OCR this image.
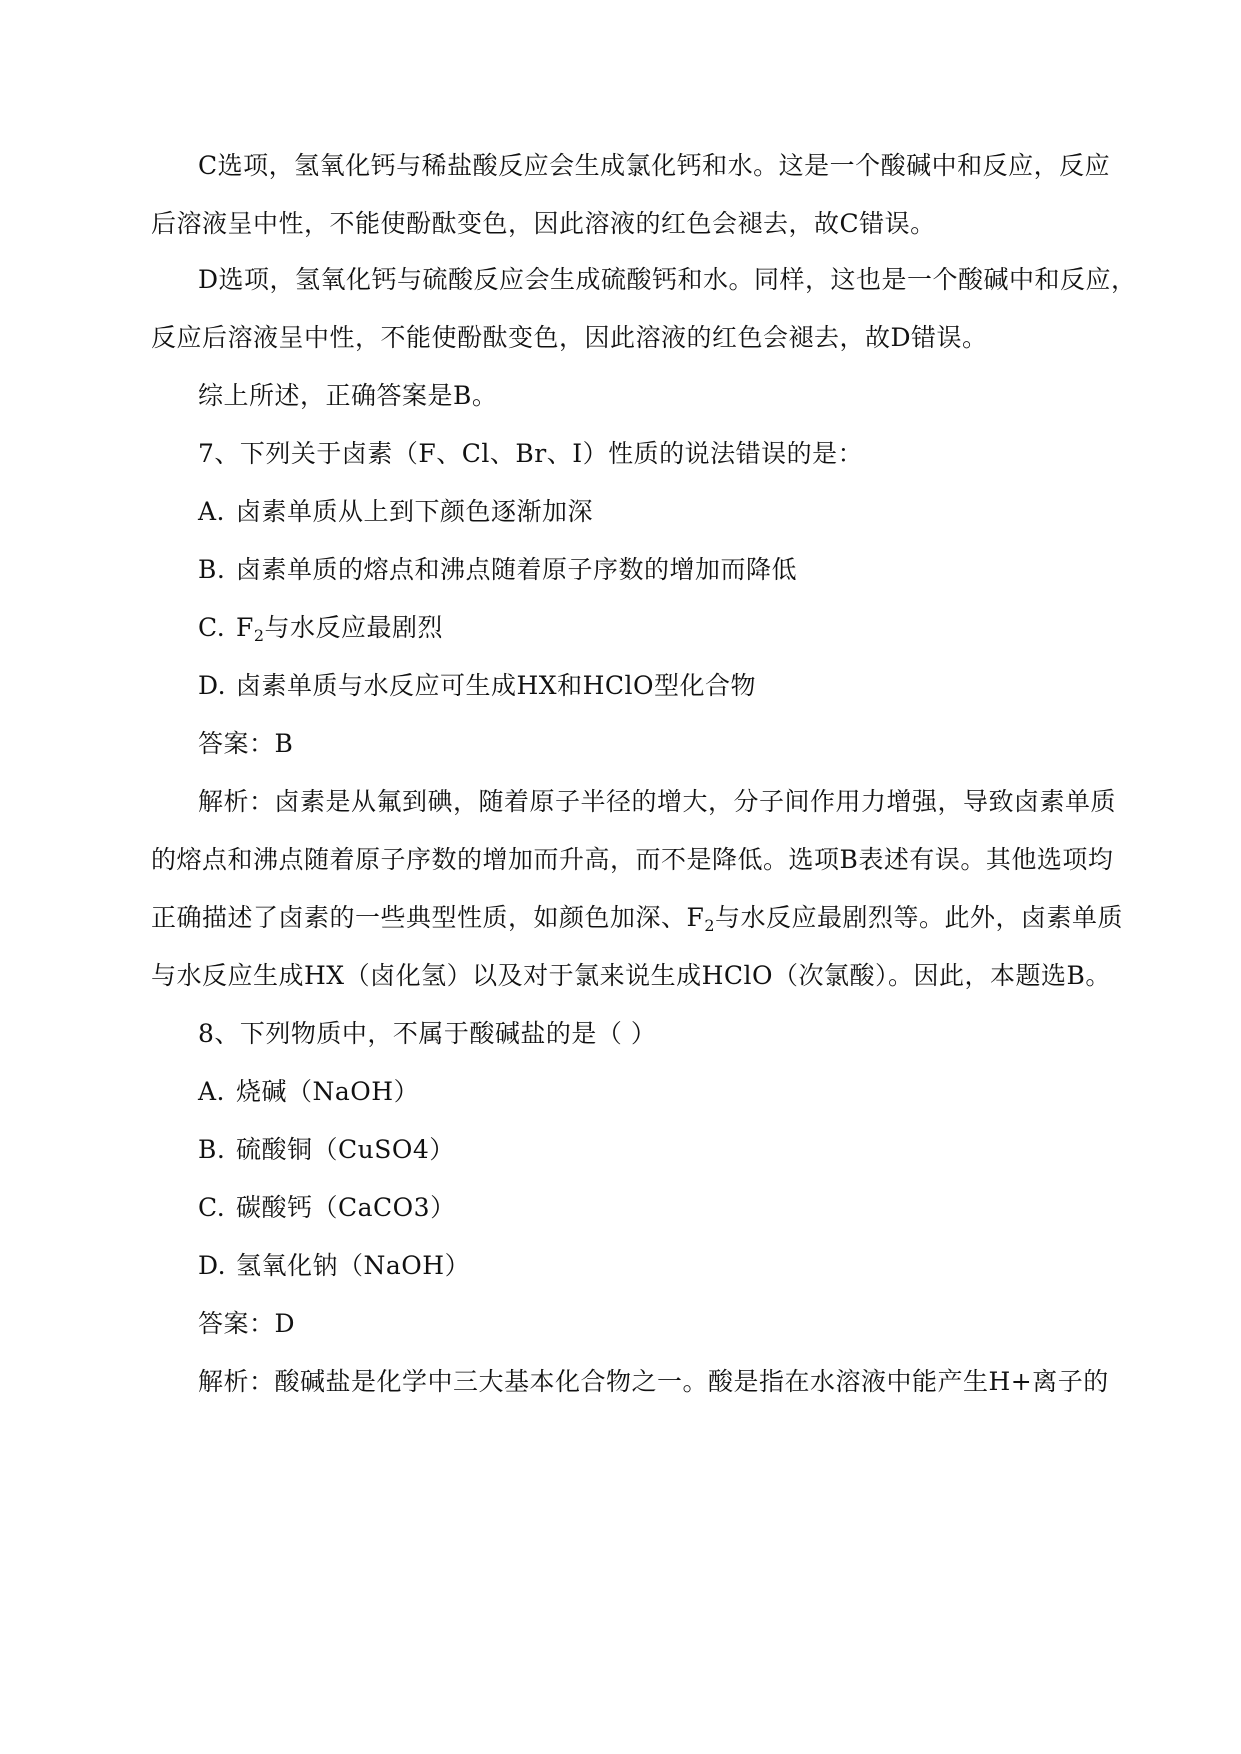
C选项，氢氧化钙与稀盐酸反应会生成氯化钙和水。这是一个酸碱中和反应，反应
后溶液呈中性，不能使酚酞变色，因此溶液的红色会褪去，故C错误。
D选项，氢氧化钙与硫酸反应会生成硫酸钙和水。同样，这也是一个酸碱中和反应，
反应后溶液呈中性，不能使酚酞变色，因此溶液的红色会褪去，故D错误。
综上所述，正确答案是B。
7、下列关于卤素（F、Cl、Br、I）性质的说法错误的是：
A. 卤素单质从上到下颜色逐渐加深
B. 卤素单质的熔点和沸点随着原子序数的增加而降低
C. $F_2$与水反应最剧烈
D. 卤素单质与水反应可生成HX和HClO型化合物
答案：B
解析：卤素是从氟到碘，随着原子半径的增大，分子间作用力增强，导致卤素单质
的熔点和沸点随着原子序数的增加而升高，而不是降低。选项B表述有误。其他选项均
正确描述了卤素的一些典型性质，如颜色加深、$F_2$与水反应最剧烈等。此外，卤素单质
与水反应生成HX（卤化氢）以及对于氯来说生成HClO（次氯酸）。因此，本题选B。
8、下列物质中，不属于酸碱盐的是（ ）
A. 烧碱（NaOH）
B. 硫酸铜（CuSO4）
C. 碳酸钙（CaCO3）
D. 氢氧化钠（NaOH）
答案：D
解析：酸碱盐是化学中三大基本化合物之一。酸是指在水溶液中能产生H+离子的
